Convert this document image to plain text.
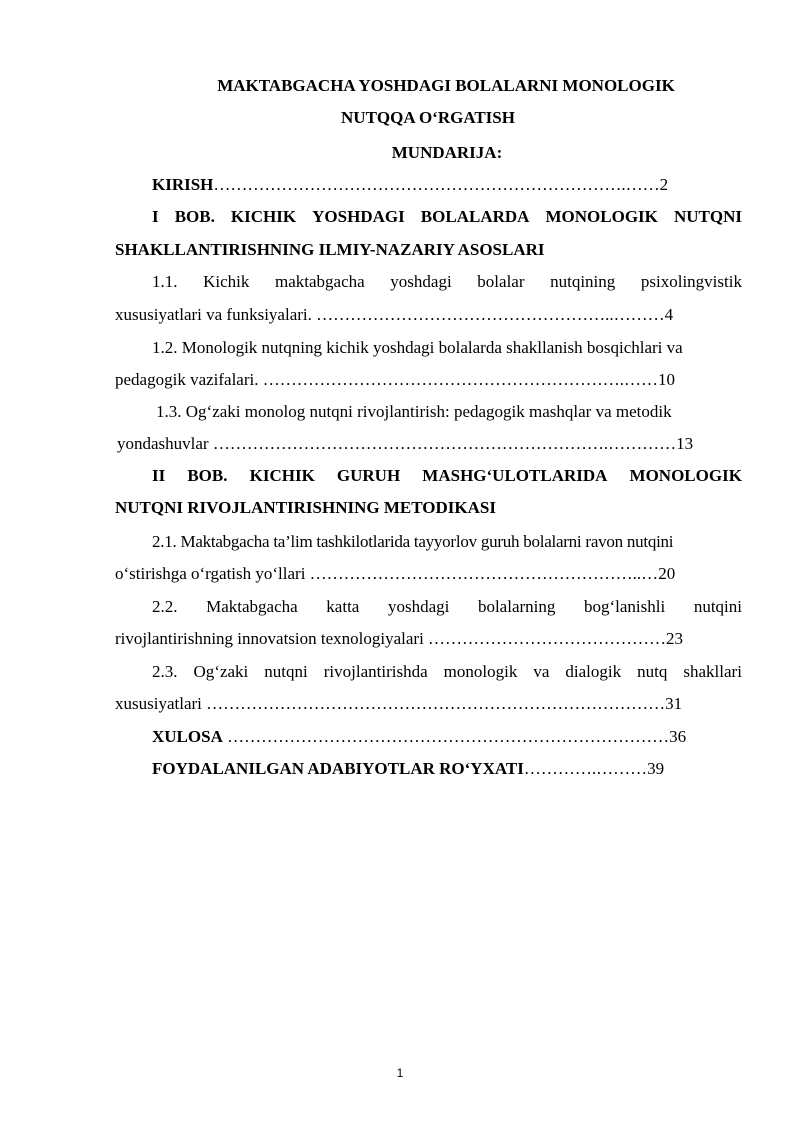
MAKTABGACHA YOSHDAGI BOLALARNI MONOLOGIK
NUTQQA O‘RGATISH
MUNDARIJA:
KIRISH……………………………………………………………….……2
I BOB. KICHIK YOSHDAGI BOLALARDA MONOLOGIK NUTQNI
SHAKLLANTIRISHNING ILMIY-NAZARIY ASOSLARI
1.1. Kichik maktabgacha yoshdagi bolalar nutqining psixolingvistik
xususiyatlari va funksiyalari. ……………………………………………..………4
1.2. Monologik nutqning kichik yoshdagi bolalarda shakllanish bosqichlari va
pedagogik vazifalari. ……………………………………………………….……10
1.3. Og‘zaki monolog nutqni rivojlantirish: pedagogik mashqlar va metodik
yondashuvlar …………………………………………………………….…………13
II BOB. KICHIK GURUH MASHG‘ULOTLARIDA MONOLOGIK
NUTQNI RIVOJLANTIRISHNING METODIKASI
2.1. Maktabgacha ta’lim tashkilotlarida tayyorlov guruh bolalarni ravon nutqini
o‘stirishga o‘rgatish yo‘llari …………………………………………………..…20
2.2. Maktabgacha katta yoshdagi bolalarning bog‘lanishli nutqini
rivojlantirishning innovatsion texnologiyalari ……………………………………23
2.3. Og‘zaki nutqni rivojlantirishda monologik va dialogik nutq shakllari
xususiyatlari ………………………………………………………………………31
XULOSA ……………………………………………………………………36
FOYDALANILGAN ADABIYOTLAR RO‘YXATI………….………39
1
